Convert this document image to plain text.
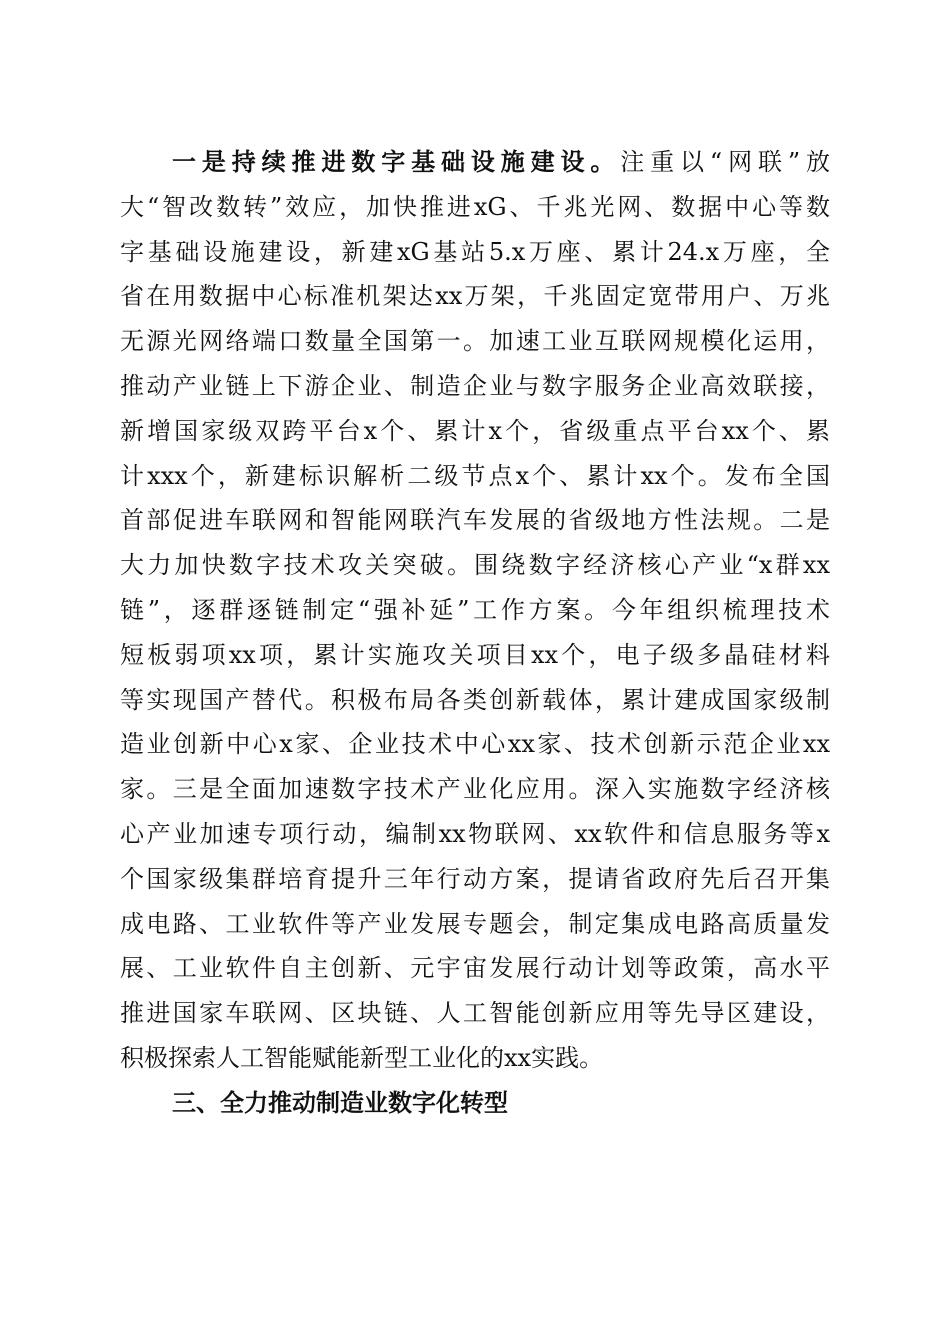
一是持续推进数字基础设施建设。注重以“网联”放
大“智改数转”效应，加快推进xG、千兆光网、数据中心等数
字基础设施建设，新建xG基站5.x万座、累计24.x万座，全
省在用数据中心标准机架达xx万架，千兆固定宽带用户、万兆
无源光网络端口数量全国第一。加速工业互联网规模化运用，
推动产业链上下游企业、制造企业与数字服务企业高效联接，
新增国家级双跨平台x个、累计x个，省级重点平台xx个、累
计xxx个，新建标识解析二级节点x个、累计xx个。发布全国
首部促进车联网和智能网联汽车发展的省级地方性法规。二是
大力加快数字技术攻关突破。围绕数字经济核心产业“x群xx
链”，逐群逐链制定“强补延”工作方案。今年组织梳理技术
短板弱项xx项，累计实施攻关项目xx个，电子级多晶硅材料
等实现国产替代。积极布局各类创新载体，累计建成国家级制
造业创新中心x家、企业技术中心xx家、技术创新示范企业xx
家。三是全面加速数字技术产业化应用。深入实施数字经济核
心产业加速专项行动，编制xx物联网、xx软件和信息服务等x
个国家级集群培育提升三年行动方案，提请省政府先后召开集
成电路、工业软件等产业发展专题会，制定集成电路高质量发
展、工业软件自主创新、元宇宙发展行动计划等政策，高水平
推进国家车联网、区块链、人工智能创新应用等先导区建设，
积极探索人工智能赋能新型工业化的xx实践。
三、全力推动制造业数字化转型
